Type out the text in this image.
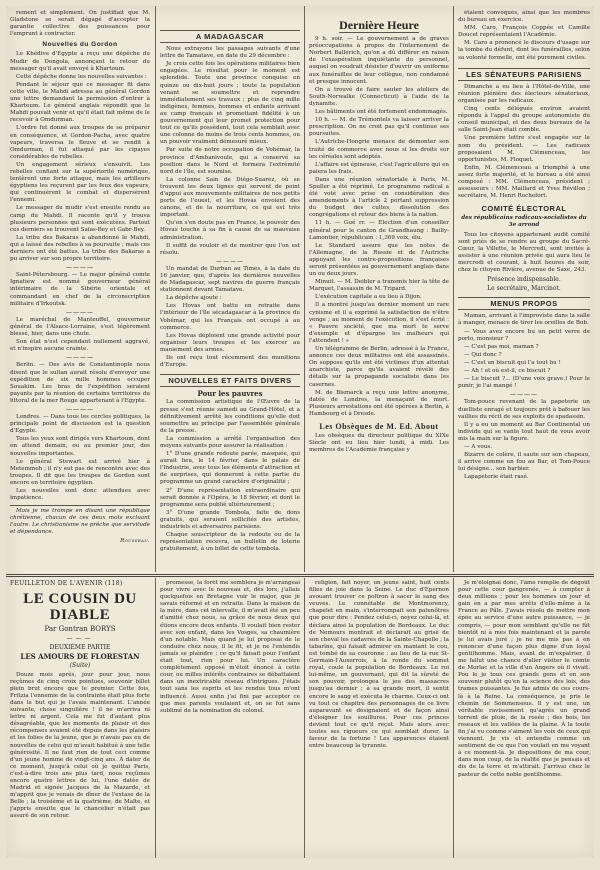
rement et simplement. On justifiait que M. Gladstone se serait dégagé d'accepter la garantie collective des puissances pour l'emprunt à contracter.

Nouvelles du Gordon

Le Khédive d'Egypte a reçu une dépêche du Mudir de Dongola, annonçant le retour du messager qu'il avait envoyé à Khartoum.

Cette dépêche donne les nouvelles suivantes :

Pendant le séjour que ce messager fit dans cette ville, le Mahdi adressa au général Gordon une lettre demandant la permission d'entrer à Khartoum. Le général anglais répondit que le Mahdi pouvait venir et qu'il était fait même de le recevoir à Omdurman.

L'ordre fut donné aux troupes de se préparer en conséquence, et Gordon-Pacha, avec quatre vapeurs, traversa le fleuve et se rendit à Omdurman, il fut attaqué par les cipayes considérables de rebelles.

Un engagement sérieux s'ensuivit. Les rebelles confiant sur la supériorité numérique, tentèrent une forte attaque, mais les artilleurs égyptiens les reçurent par les feux des vapeurs, qui continuèrent le combat et dispersèrent l'ennemi.

Le messager du mudir s'est ensuite rendu au camp du Mahdi. Il raconte qu'il y trouva plusieurs personnes qui sont exécutées. Partout ces derniers se trouvent Saïas-Bey et Gabr-Bey.

La tribu des Bakaras a abandonné le Mahdi, qui a laissé des rebelles à sa poursuite ; mais ces derniers ont été battus. La tribu des Bakaras a pu arriver sur son propre territoire.

————

Saint-Pétersbourg. — Le major général comte Ignatiew est nommé gouverneur général intérimaire de la Sibérie orientale et commandant en chef de la circonscription militaire d'Irkoutsk.

————

Le maréchal de Manteuffel, gouverneur général de l'Alsace-Lorraine, s'est légèrement blessé, hier, dans une chute.

Son état n'est cependant nullement aggravé, et n'inspire aucune crainte.

————

Berlin. — Des avis de Constantinople nous disent que le sultan aurait résolu d'envoyer une expédition de six mille hommes occuper Souakim. Les bras de l'expédition seraient payants par la réunion de certains territoires du littoral de la mer Rouge appartenant à l'Egypte.

————

Londres. — Dans tous les cercles politiques, la principale point de discussion est la question d'Egypte.

Tous les yeux sont dirigés vers Khartoum, dont on attend demain, ou au premier jour, des nouvelles importantes.

Le général Stewart est arrivé hier à Metemmeh ; il n'y eut pas de rencontre avec des troupes. Il dit que les troupes de Gordon sont encore en territoire égyptien.

Les nouvelles sont donc attendues avec impatience.

Mais je me trompe en disant une république chrétienne, chacun de ces deux mots excluant l'autre. Le christianisme ne prêche que servitude et dépendance.

Rousseau.

A MADAGASCAR

Nous extrayons les passages suivants d'une lettre de Tamatave, en date du 29 décembre :

Je crois cette fois les opérations militaires bien engagées. Le résultat pour le moment est splendide. Toute une province conquise en quinze ou dix-huit jours ; toute la population venant se soumettre et reprendre immédiatement ses travaux ; plus de cinq mille indigènes, femmes, hommes et enfants arrivant au camp français et promettant fidélité à un gouvernement qui leur promet protection pour tout ce qu'ils possèdent, tout cela semblait avec une colonne de moins de trois cents hommes, ou un pouvoir vraiment démesuré mieux.

Par suite de notre occupation de Vohémar, la province d'Ambanivoule, qui a conservé sa position dans le Nord et formera l'extrémité nord de l'île, est soumise.

La colonne Sain de Diégo-Suarez, où se trouvent les deux lignes qui servent de point d'appui aux mouvements militaires de nos petits ports de l'ouest, et les Hovas envoient des canons, et de la nourriture, ce qui est très important.

Qu'on s'en doute pas en France, le pouvoir des Hovas touche à sa fin à cause de sa mauvaise administration.

Il suffit de vouloir et de montrer que l'on est résolu.

————

Un mandat de Durban au Times, à la date du 16 janvier, que, d'après les dernières nouvelles de Madagascar, sept navires de guerre français stationnent devant Tamatave.

La dépêche ajoute :

Les Hovas ont battu en retraite dans l'intérieur de l'île sécadagascar à la province du Vohémar, qui les Français ont occupé à au commerce.

Les Hovas déploient une grande activité pour organiser leurs troupes et les exercer au maniement des armes.

Ils ont reçu tout récemment des munitions d'Europe.

NOUVELLES ET FAITS DIVERS
Pour les pauvres

La commission artistique de l'Œuvre de la presse s'est réunie samedi au Grand-Hôtel, et a définitivement arrêté les conditions qu'elle doit soumettre au principe par l'assemblée générale de la presse.

La commission a arrêté l'organisation des moyens suivants pour assurer la réalisation :

1° D'une grande redoute parée, masquée, qui aurait lieu, le 14 février, dans le palais de l'Industrie, avec tous les éléments d'attraction et de surprises, qui donneront à cette partie du programme un grand caractère d'originalité ;

2° D'une représentation extraordinaire qui serait donnée à l'Opéra, le 18 février, et dont le programme sera publié ultérieurement ;

3° D'une grande Tombola, faite de dons gratuits, qui seraient sollicités des artistes, industriels et adversaires parisiens.

Chaque souscripteur de la redoute ou de la représentation recevra, un bulletin de loterie gratuitement, à un billet de cette tombola.

Dernière Heure

9 h. soir. — Le gouvernement a de graves préoccupations à propos de l'internement de Norbert Ballerich, qu'on a dû différer en raison de l'exaspération inquiétante du personnel, auquel on voudrait désister d'ouvrir un uniforme aux funérailles de leur collègue, non condamné et presque innocent.

On a trouvé de faire sauter les ateliers de South-Norwalke (Connecticut) à l'aide de la dynamite.

Les bâtiments ont été fortement endommagés.

10 h. — M. de Trémontels va laisser arriver la prescription. On ne croit pas qu'il continue ses poursuites.

L'Autriche-Hongrie menace de démonter son traité de commerce avec nous si les droits sur les céréales sont adoptés.

L'affaire est épineuse, c'est l'agriculture qui en paiera les frais.

Dans une réunion sénatoriale à Paris, M. Spuller a été réprimé. Le programme radical a été voté avec prise en considération des amendements à l'article 2 portant suppression du budget des cultes, dissolution des congrégations et retour des biens à la nation.

11 h. — Gué rr. — Election d'un conseiller général pour le canton de Grandhaung : Bailly-Lamontier, républicain : 1,369 voix, élu.

Le Standard assure que les notes de l'Allemagne, de la Russie et de l'Autriche appuyant les contre-propositions françaises seront présentées au gouvernement anglais dans un ou deux jours.

Minuit. — M. Deibler a transmis hier la tête de Marquet, l'assassin de M. Tripard.

L'exécution capitale a eu lieu à Dijon.

Il a montré jusqu'au dernier moment un rare cynisme et il a exprimé la satisfaction de n'être venge ; au moment de l'exécution, il s'est écrié : « Pauvre société, que ma mort te serve d'exemple et d'épargne les malheurs qui l'attendent ! »

Un télégramme de Berlin, adressé à la France, annonce ces deux militaires ont été assassinés. On suppose qu'ils ont été victimes d'un attentat anarchiste, parce qu'ils avaient révélé des détails sur la propagande socialiste dans les casernes.

M. de Bismarck a reçu une lettre anonyme, datée de Londres, la menaçant de mort. Plusieurs arrestations ont été opérées à Berlin, à Hambourg et à Dresde.

Les Obsèques de M. Ed. About

Les obsèques du directeur politique du XIXe Siècle ont eu lieu hier lundi, à midi. Les membres de l'Académie française y

étaient convoqués, ainsi que les membres du bureau en exercice.

MM. Caro, François Coppée et Camille Doucet représentaient l'Académie.

M. Caro a prononcé le discours d'usage sur la tombe du défunt, dont les funérailles, selon sa volonté formelle, ont été purement civiles.

LES SÉNATEURS PARISIENS

Dimanche a eu lieu à l'Hôtel-de-Ville, une réunion plénière des électeurs sénatoriaux, organisée par les radicaux.

Cinq cents délégués environ avaient répondu à l'appel du groupe autonomiste du conseil municipal, et des deux bureaux de la salle Saint-Jean était comble.

Une première lettre s'est engagée sur le nom du président. — Les radicaux proposaient M. Clémenceau, les opportunistes, M. Floquet.

Enfin, M. Clémenceau a triomphé à une assez forte majorité, et le bureau a été ainsi composé : MM. Clémenceau, président ; assesseurs : MM. Maillard et Yves Révillon ; secrétaire, M. Henri Rochefort.

COMITÉ ÉLECTORAL
des républicains radicaux-socialistes du 3e arrond

Tous les citoyens appartenant audit comité sont priés de se rendre au groupe du Sacré-Cœur, la Villette, le Mercredi, sont invités à assister à une réunion privée qui aura lieu le mercredi et courant, à huit heures du soir, chez le citoyen Rivière, avenue de Saxe, 243.

Présence indispensable.

Le secrétaire, Marcinot.

MENUS PROPOS

Maman, arrivant à l'improviste dans la salle à manger, menace de tirer les oreilles de Bob.

— Vous avez encore bu un petit verre de porto, monsieur ?

— C'est pas moi, maman ?

— Qui donc ?

— C'est un biscuit qui l'a tout bu !

— Ah ! et où est-il, ce biscuit ?

— Le biscuit ?... (D'une voix grave.) Pour le punir, je l'ai mangé !

————

Tom-pouce revenant de la papeterie un duelliste enragé et toujours prêt à bafouer les vaillies du récit de ses exploits de spadassin.

Il y a eu un moment au Bar Continental un individu qui se vante tout haut de vous avoir mis la main sur la figure.

— A vous.

Bizarre de colère, il saute sur son chapeau, il arrive comme un fou au Bar, et Tom-Pouce lui désigne... son barbier.

Lapapeterie était rasé.

FEUILLETON DE L'AVENIR (118)
LE COUSIN DU DIABLE
Par Gontran BORYS
———
DEUXIÈME PARTIE
LES AMOURS DE FLORESTAN
(Suite)

Douze mois après, jour pour jour, nous reçûmes de cinq croix pointues, souvenir billet plein brut encore que le premier. Cette fois, Fritzia l'ennemie de la contrainte était plus forte dans le but qui je l'avais maintenant. L'année suivante, chose singulière ! il ne m'arriva ni lettre ni argent. Cela me fut d'autant plus désagréable, que les moments de plaisir et des récompenses avaient été depuis dans les plaisirs et les folies de la jeune, que je n'avais pas eu de nouvelles de celui qui m'avait habitué à une telle générosité. Il ne faut rien de tout ceci comme d'un jeune homme de vingt-cinq ans. À dater de ce moment, jusqu'à celui où je quittai Paris, c'est-à-dire trois ans plus tard, nous reçûmes encore quatre lettres de lui, l'une datée de Madrid et signée Jacques de la Mazarde, et m'apprit que je venais de dîner de l'extase de la Belle ; la troisième et la quatrième, de Malte, et j'appris ensuite que le chancelier n'était pas assuré de son retour.

promesse, la forêt me semblera je m'arrangeai pour vivre avec le nouveau et, dès lors, j'allais quelquefois en Bretagne voir le major, que je savais réformé et en retraite. Dans la maison de la mère, dans cet intervalle, il m'avait été un peu d'amitié chez nous, sa grâce de nous deux qui étions encore deux enfants. Il voulait bien rester avec son enfant, dans les Vosges, sa chaumière d'un notable. Mais quand je lui proposai de le conduire chez nous, il le fit, et je ne l'entendis jamais se plaindre ; ce qu'il faisait pour l'enfant était tout, rien pour lui. Un caractère complètement opposé m'étoit énoncé à cette cour, ou milles intérêts contraires se débattaient dans un inextricable réseau d'intrigues. J'étais tout sans les esprits et les rendus tous m'ont influencé. Aussi enfin j'ai fini par accepter ce que mes parents voulaient et, on se fut sans sublimé de la nomination du colonel.

religion, fait noyer, un jeune saint, huit cents filles de joie dans la Seine. Le duc d'Epernon avouant trouver ce poltron à sacer le sang des veuves. Le connétable de Montmorency, chapelet en main, s'interrompait son patenôtres que pour dire : Pendez celui-ci, noyez celui-là, et déclara ainsi la population de Bordeaux. Le duc de Nemours montrait et déclarait au grisé de son cheval les cadavres de la Sainte-Chapelle ; la tabarine, qui faisait admirer en maniant le cou, est tombé de sa couronne : au lieu de la rue St-Germain-l'Auxerrois, à la ronde du sommet royal, coule la population de Bordeaux. Le roi lui-même, un gouvernant, qui dit la sûreté de son pouvoir, prolongea le jeu des massacres jusqu'au dernier ; à sa grande mort, il sentit encore le sang et exécuta le charme. Ceux-ci ont vu tout ce chapitre des personnages de ce livre auparavant se désignaient et de façon ainsi d'éloigner les souillures. Pour ces princes devient tout ce qu'il reçut. Mais alors avec toutes ses rigueurs ce qui semblait durer, la faveur de la fortune ! Les apparences étaient entre beaucoup la tyrannie.

Je m'éloignai donc, l'âme remplie de dégoût pour cette cour gangrenée, — à compter à deux millions ; pour les hommes un jour et gain en a par mes arrêts d'elle-même à la France au Pâle. J'avais résolu de mettre mon épée au service d'une autre puissance, — je compris, — pour mon semblant qu'elle ne fût bientôt ni à mes fois maintenant et la parole je lui avais juré ; je ne me mis pas à en renoncer d'une façon plus digne d'un loyal gentilhomme. Mais, avant de m'expatrier, il me fallut une chance d'aller visiter le comte de Morlac et la ville d'un Angers où il vivait. Pou le je tous ces grands gens et en son souvenir plutôt qu'en la science des lois, des trames puissantes. Je fus admis de ces cours-là à la Reine. La conséquence, je pris le chemin de Sommensous. Il y est une, un véritable ravissement qu'agrès un grand torrent de pluie, de la rosée ; des bois, les roseaux et les vallées de la plaine. À la toute fin j'ai vu comme s'aiment les voix de ceux qui viennent. Je vis et entendis comme un sentiment de ce que l'on voulait en me voyant à ce moment-là. Je dispositions de ma cour, dans mon coup, de la réalité que je pensais et dis de la terre et m'attirait. J'arrivai chez le pasteur de cette noble gentilhomme.
